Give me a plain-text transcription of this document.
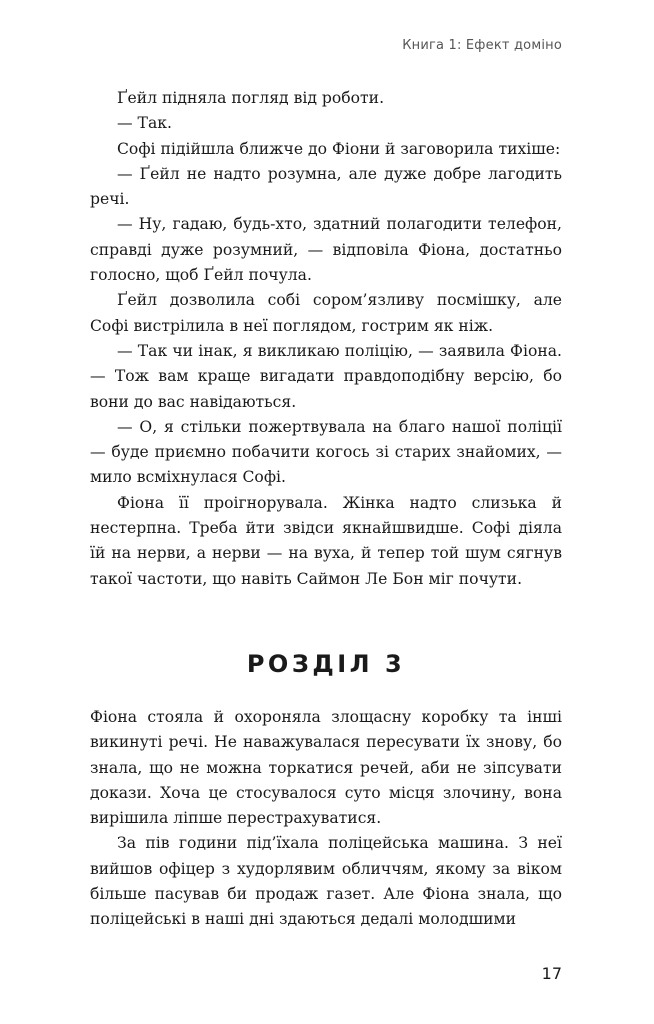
Книга 1: Ефект доміно

Ґейл підняла погляд від роботи.

— Так.

Софі підійшла ближче до Фіони й заговорила тихіше:

— Ґейл не надто розумна, але дуже добре лагодить речі.

— Ну, гадаю, будь-хто, здатний полагодити телефон, справді дуже розумний, — відповіла Фіона, достатньо голосно, щоб Ґейл почула.

Ґейл дозволила собі сором’язливу посмішку, але Софі вистрілила в неї поглядом, гострим як ніж.

— Так чи інак, я викликаю поліцію, — заявила Фіона. — Тож вам краще вигадати правдоподібну версію, бо вони до вас навідаються.

— О, я стільки пожертвувала на благо нашої поліції — буде приємно побачити когось зі старих знайомих, — мило всміхнулася Софі.

Фіона її проігнорувала. Жінка надто слизька й нестерпна. Треба йти звідси якнайшвидше. Софі діяла їй на нерви, а нерви — на вуха, й тепер той шум сягнув такої частоти, що навіть Саймон Ле Бон міг почути.

РОЗДІЛ 3

Фіона стояла й охороняла злощасну коробку та інші викинуті речі. Не наважувалася пересувати їх знову, бо знала, що не можна торкатися речей, аби не зіпсувати докази. Хоча це стосувалося суто місця злочину, вона вирішила ліпше перестрахуватися.

За пів години під’їхала поліцейська машина. З неї вийшов офіцер з худорлявим обличчям, якому за віком більше пасував би продаж газет. Але Фіона знала, що поліцейські в наші дні здаються дедалі молодшими

17
